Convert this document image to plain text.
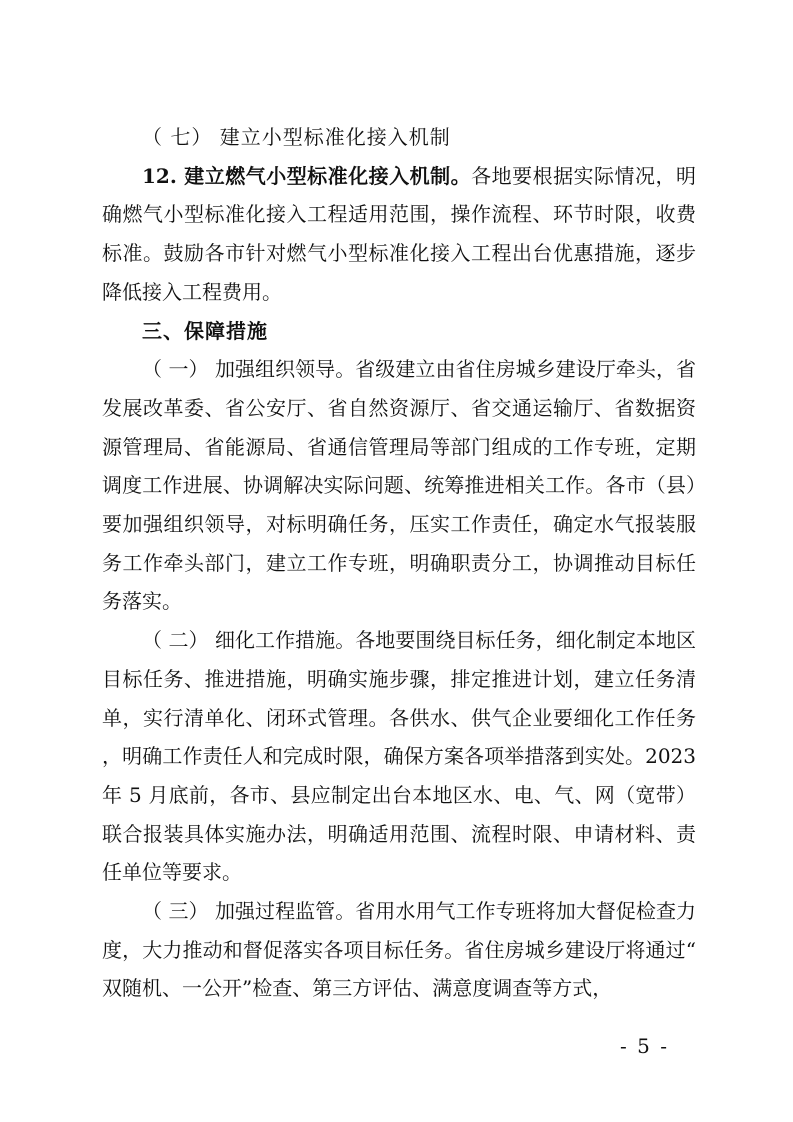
（ 七） 建立小型标准化接入机制

12. 建立燃气小型标准化接入机制。各地要根据实际情况，明确燃气小型标准化接入工程适用范围，操作流程、环节时限，收费标准。鼓励各市针对燃气小型标准化接入工程出台优惠措施，逐步降低接入工程费用。

三、保障措施

（ 一） 加强组织领导。省级建立由省住房城乡建设厅牵头，省发展改革委、省公安厅、省自然资源厅、省交通运输厅、省数据资源管理局、省能源局、省通信管理局等部门组成的工作专班，定期调度工作进展、协调解决实际问题、统筹推进相关工作。各市（县）要加强组织领导，对标明确任务，压实工作责任，确定水气报装服务工作牵头部门，建立工作专班，明确职责分工，协调推动目标任务落实。

（ 二） 细化工作措施。各地要围绕目标任务，细化制定本地区目标任务、推进措施，明确实施步骤，排定推进计划，建立任务清单，实行清单化、闭环式管理。各供水、供气企业要细化工作任务，明确工作责任人和完成时限，确保方案各项举措落到实处。2023 年 5 月底前，各市、县应制定出台本地区水、电、气、网（宽带）联合报装具体实施办法，明确适用范围、流程时限、申请材料、责任单位等要求。

（ 三） 加强过程监管。省用水用气工作专班将加大督促检查力度，大力推动和督促落实各项目标任务。省住房城乡建设厅将通过“双随机、一公开”检查、第三方评估、满意度调查等方式，

- 5 -
